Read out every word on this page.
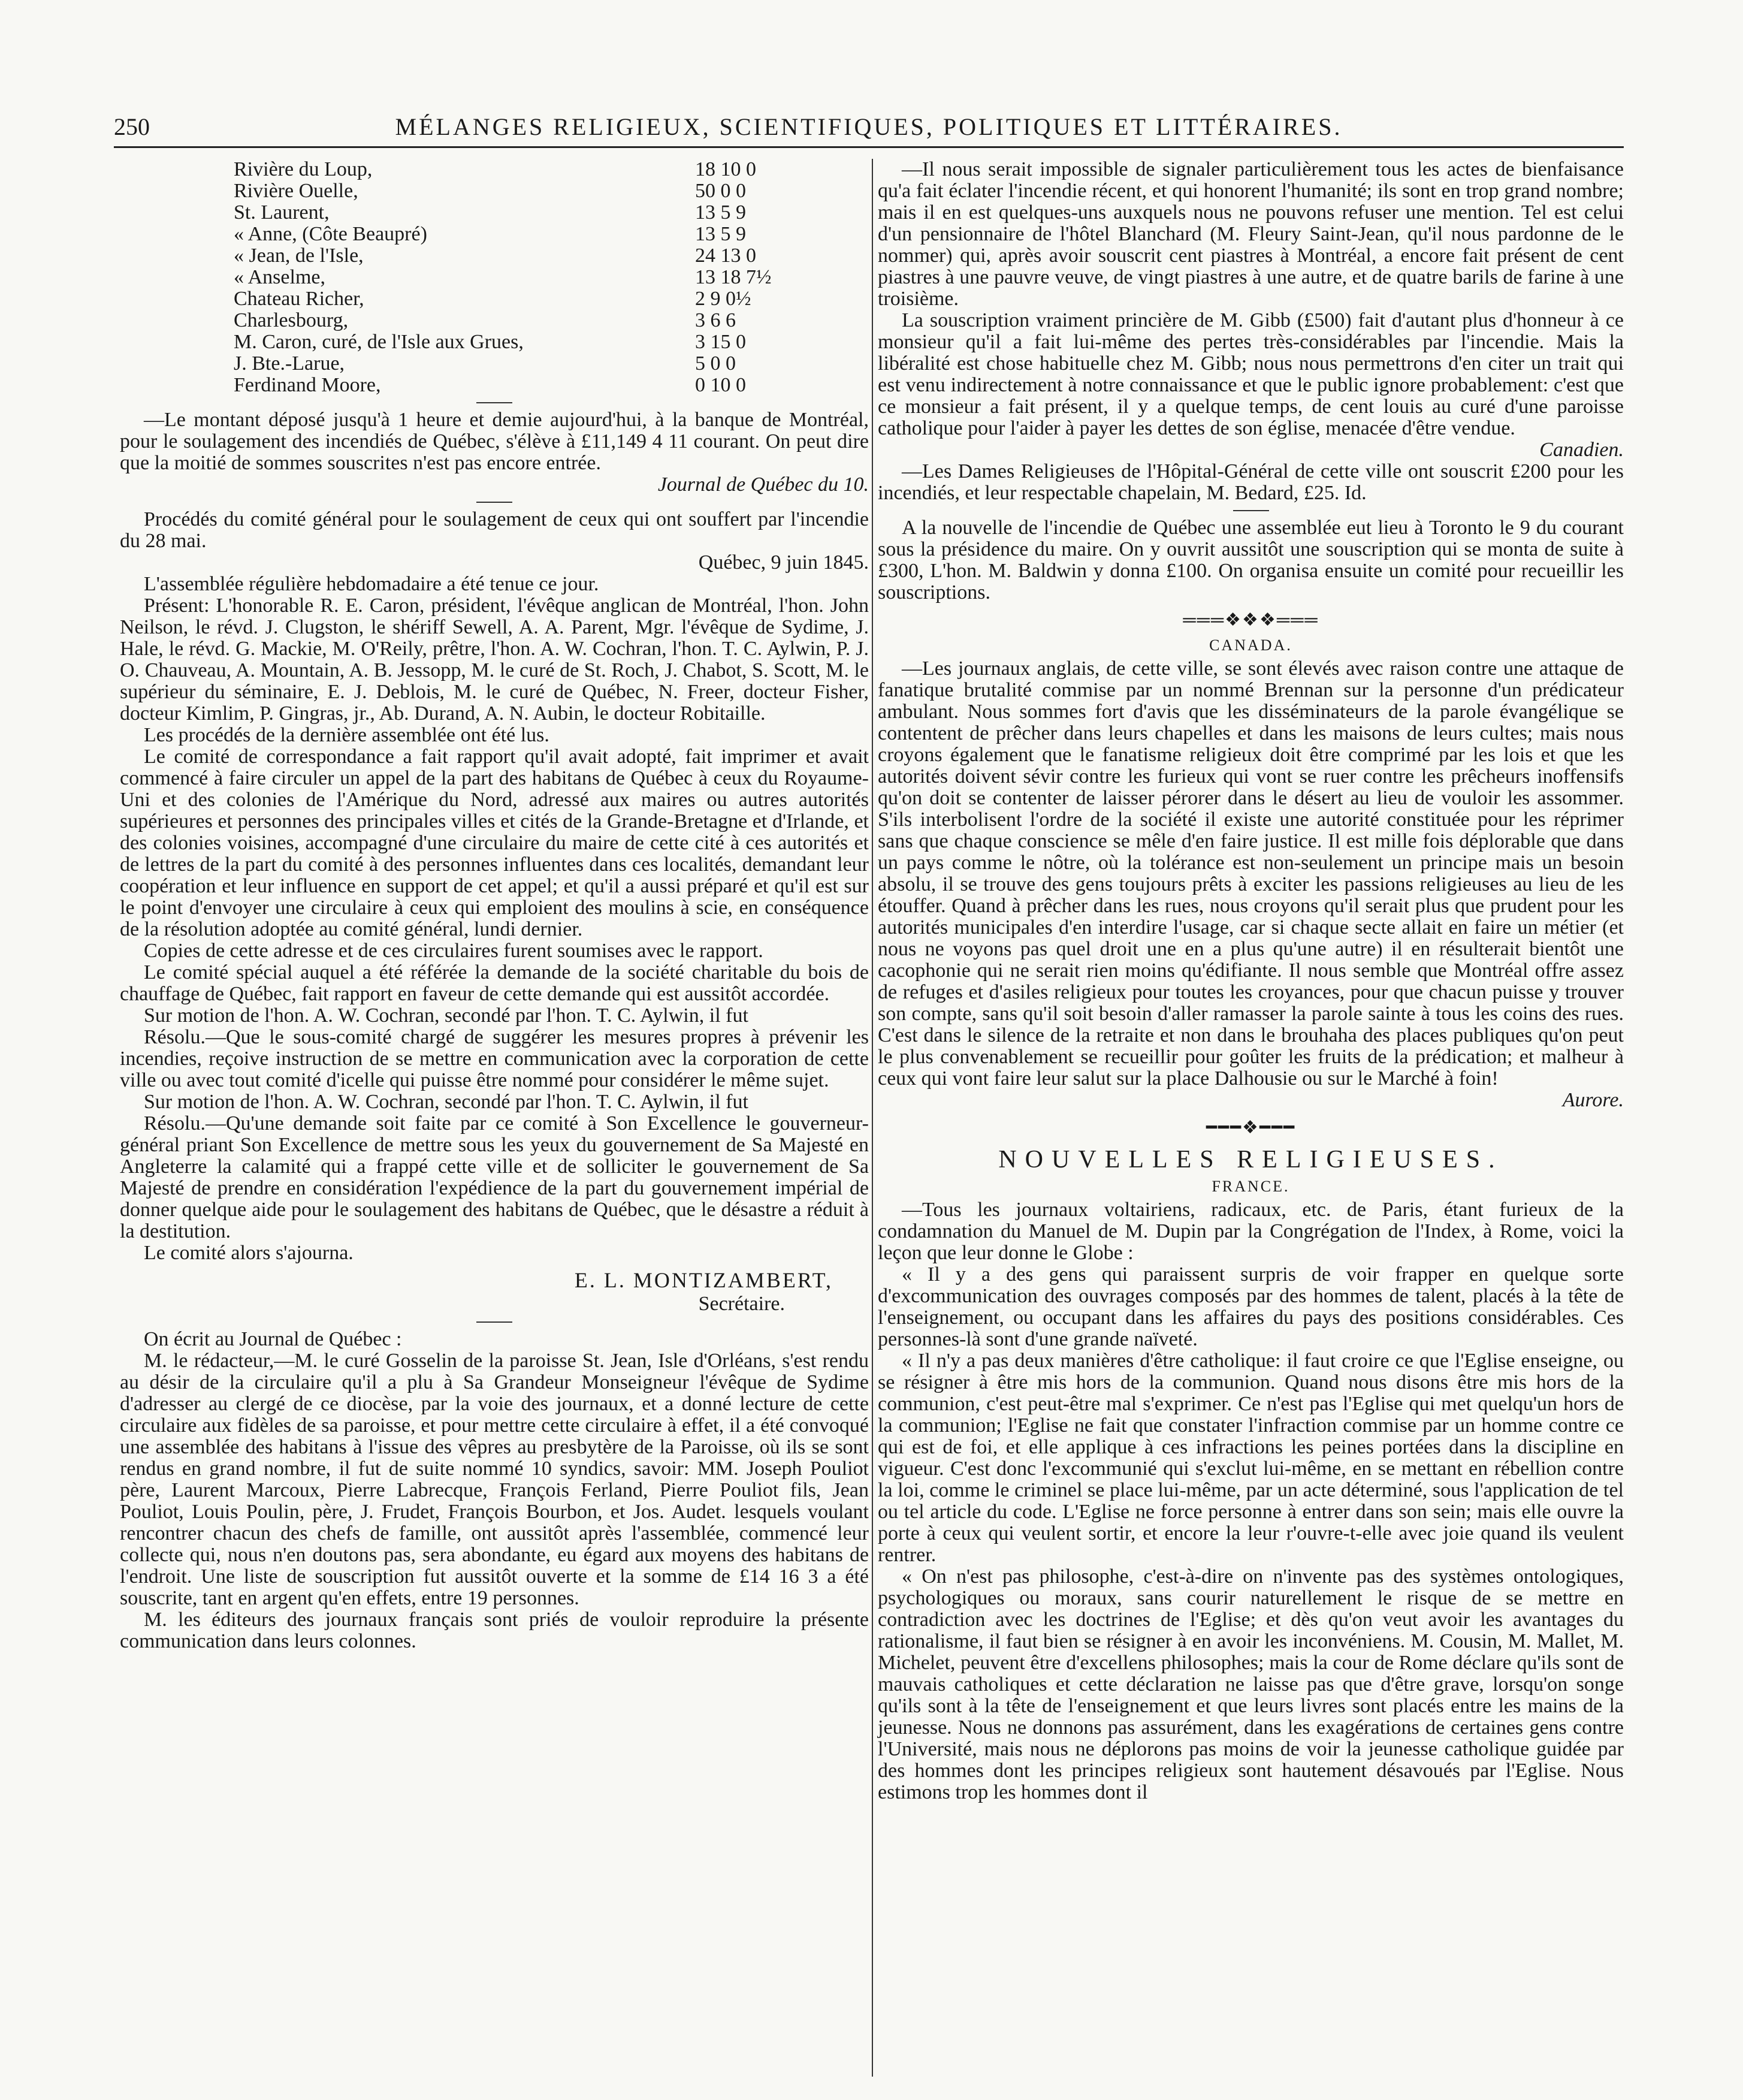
250	MÉLANGES RELIGIEUX, SCIENTIFIQUES, POLITIQUES ET LITTÉRAIRES.
Rivière du Loup,	18 10 0
Rivière Ouelle,	50 0 0
St. Laurent,	13 5 9
« Anne, (Côte Beaupré)	13 5 9
« Jean, de l'Isle,	24 13 0
« Anselme,	13 18 7½
Chateau Richer,	2 9 0½
Charlesbourg,	3 6 6
M. Caron, curé, de l'Isle aux Grues,	3 15 0
J. Bte.-Larue,	5 0 0
Ferdinand Moore,	0 10 0

—Le montant déposé jusqu'à 1 heure et demie aujourd'hui, à la banque de Montréal, pour le soulagement des incendiés de Québec, s'élève à £11,149 4 11 courant. On peut dire que la moitié de sommes souscrites n'est pas encore entrée.

Journal de Québec du 10.

Procédés du comité général pour le soulagement de ceux qui ont souffert par l'incendie du 28 mai.

Québec, 9 juin 1845.

L'assemblée régulière hebdomadaire a été tenue ce jour.

Présent: L'honorable R. E. Caron, président, l'évêque anglican de Montréal, l'hon. John Neilson, le révd. J. Clugston, le shériff Sewell, A. A. Parent, Mgr. l'évêque de Sydime, J. Hale, le révd. G. Mackie, M. O'Reily, prêtre, l'hon. A. W. Cochran, l'hon. T. C. Aylwin, P. J. O. Chauveau, A. Mountain, A. B. Jessopp, M. le curé de St. Roch, J. Chabot, S. Scott, M. le supérieur du séminaire, E. J. Deblois, M. le curé de Québec, N. Freer, docteur Fisher, docteur Kimlim, P. Gingras, jr., Ab. Durand, A. N. Aubin, le docteur Robitaille.

Les procédés de la dernière assemblée ont été lus.

Le comité de correspondance a fait rapport qu'il avait adopté, fait imprimer et avait commencé à faire circuler un appel de la part des habitans de Québec à ceux du Royaume-Uni et des colonies de l'Amérique du Nord, adressé aux maires ou autres autorités supérieures et personnes des principales villes et cités de la Grande-Bretagne et d'Irlande, et des colonies voisines, accompagné d'une circulaire du maire de cette cité à ces autorités et de lettres de la part du comité à des personnes influentes dans ces localités, demandant leur coopération et leur influence en support de cet appel; et qu'il a aussi préparé et qu'il est sur le point d'envoyer une circulaire à ceux qui emploient des moulins à scie, en conséquence de la résolution adoptée au comité général, lundi dernier.

Copies de cette adresse et de ces circulaires furent soumises avec le rapport.

Le comité spécial auquel a été référée la demande de la société charitable du bois de chauffage de Québec, fait rapport en faveur de cette demande qui est aussitôt accordée.

Sur motion de l'hon. A. W. Cochran, secondé par l'hon. T. C. Aylwin, il fut

Résolu.—Que le sous-comité chargé de suggérer les mesures propres à prévenir les incendies, reçoive instruction de se mettre en communication avec la corporation de cette ville ou avec tout comité d'icelle qui puisse être nommé pour considérer le même sujet.

Sur motion de l'hon. A. W. Cochran, secondé par l'hon. T. C. Aylwin, il fut

Résolu.—Qu'une demande soit faite par ce comité à Son Excellence le gouverneur-général priant Son Excellence de mettre sous les yeux du gouvernement de Sa Majesté en Angleterre la calamité qui a frappé cette ville et de solliciter le gouvernement de Sa Majesté de prendre en considération l'expédience de la part du gouvernement impérial de donner quelque aide pour le soulagement des habitans de Québec, que le désastre a réduit à la destitution.

Le comité alors s'ajourna.

E. L. MONTIZAMBERT,
Secrétaire.

On écrit au Journal de Québec :

M. le rédacteur,—M. le curé Gosselin de la paroisse St. Jean, Isle d'Orléans, s'est rendu au désir de la circulaire qu'il a plu à Sa Grandeur Monseigneur l'évêque de Sydime d'adresser au clergé de ce diocèse, par la voie des journaux, et a donné lecture de cette circulaire aux fidèles de sa paroisse, et pour mettre cette circulaire à effet, il a été convoqué une assemblée des habitans à l'issue des vêpres au presbytère de la Paroisse, où ils se sont rendus en grand nombre, il fut de suite nommé 10 syndics, savoir: MM. Joseph Pouliot père, Laurent Marcoux, Pierre Labrecque, François Ferland, Pierre Pouliot fils, Jean Pouliot, Louis Poulin, père, J. Frudet, François Bourbon, et Jos. Audet. lesquels voulant rencontrer chacun des chefs de famille, ont aussitôt après l'assemblée, commencé leur collecte qui, nous n'en doutons pas, sera abondante, eu égard aux moyens des habitans de l'endroit. Une liste de souscription fut aussitôt ouverte et la somme de £14 16 3 a été souscrite, tant en argent qu'en effets, entre 19 personnes.

M. les éditeurs des journaux français sont priés de vouloir reproduire la présente communication dans leurs colonnes.

—Il nous serait impossible de signaler particulièrement tous les actes de bienfaisance qu'a fait éclater l'incendie récent, et qui honorent l'humanité; ils sont en trop grand nombre; mais il en est quelques-uns auxquels nous ne pouvons refuser une mention. Tel est celui d'un pensionnaire de l'hôtel Blanchard (M. Fleury Saint-Jean, qu'il nous pardonne de le nommer) qui, après avoir souscrit cent piastres à Montréal, a encore fait présent de cent piastres à une pauvre veuve, de vingt piastres à une autre, et de quatre barils de farine à une troisième.

La souscription vraiment princière de M. Gibb (£500) fait d'autant plus d'honneur à ce monsieur qu'il a fait lui-même des pertes très-considérables par l'incendie. Mais la libéralité est chose habituelle chez M. Gibb; nous nous permettrons d'en citer un trait qui est venu indirectement à notre connaissance et que le public ignore probablement: c'est que ce monsieur a fait présent, il y a quelque temps, de cent louis au curé d'une paroisse catholique pour l'aider à payer les dettes de son église, menacée d'être vendue.

Canadien.

—Les Dames Religieuses de l'Hôpital-Général de cette ville ont souscrit £200 pour les incendiés, et leur respectable chapelain, M. Bedard, £25. Id.

A la nouvelle de l'incendie de Québec une assemblée eut lieu à Toronto le 9 du courant sous la présidence du maire. On y ouvrit aussitôt une souscription qui se monta de suite à £300, L'hon. M. Baldwin y donna £100. On organisa ensuite un comité pour recueillir les souscriptions.

═══❖❖❖═══
CANADA.

—Les journaux anglais, de cette ville, se sont élevés avec raison contre une attaque de fanatique brutalité commise par un nommé Brennan sur la personne d'un prédicateur ambulant. Nous sommes fort d'avis que les disséminateurs de la parole évangélique se contentent de prêcher dans leurs chapelles et dans les maisons de leurs cultes; mais nous croyons également que le fanatisme religieux doit être comprimé par les lois et que les autorités doivent sévir contre les furieux qui vont se ruer contre les prêcheurs inoffensifs qu'on doit se contenter de laisser pérorer dans le désert au lieu de vouloir les assommer. S'ils interbolisent l'ordre de la société il existe une autorité constituée pour les réprimer sans que chaque conscience se mêle d'en faire justice. Il est mille fois déplorable que dans un pays comme le nôtre, où la tolérance est non-seulement un principe mais un besoin absolu, il se trouve des gens toujours prêts à exciter les passions religieuses au lieu de les étouffer. Quand à prêcher dans les rues, nous croyons qu'il serait plus que prudent pour les autorités municipales d'en interdire l'usage, car si chaque secte allait en faire un métier (et nous ne voyons pas quel droit une en a plus qu'une autre) il en résulterait bientôt une cacophonie qui ne serait rien moins qu'édifiante. Il nous semble que Montréal offre assez de refuges et d'asiles religieux pour toutes les croyances, pour que chacun puisse y trouver son compte, sans qu'il soit besoin d'aller ramasser la parole sainte à tous les coins des rues. C'est dans le silence de la retraite et non dans le brouhaha des places publiques qu'on peut le plus convenablement se recueillir pour goûter les fruits de la prédication; et malheur à ceux qui vont faire leur salut sur la place Dalhousie ou sur le Marché à foin!

Aurore.

━━━❖━━━
NOUVELLES RELIGIEUSES.
FRANCE.

—Tous les journaux voltairiens, radicaux, etc. de Paris, étant furieux de la condamnation du Manuel de M. Dupin par la Congrégation de l'Index, à Rome, voici la leçon que leur donne le Globe :

« Il y a des gens qui paraissent surpris de voir frapper en quelque sorte d'excommunication des ouvrages composés par des hommes de talent, placés à la tête de l'enseignement, ou occupant dans les affaires du pays des positions considérables. Ces personnes-là sont d'une grande naïveté.

« Il n'y a pas deux manières d'être catholique: il faut croire ce que l'Eglise enseigne, ou se résigner à être mis hors de la communion. Quand nous disons être mis hors de la communion, c'est peut-être mal s'exprimer. Ce n'est pas l'Eglise qui met quelqu'un hors de la communion; l'Eglise ne fait que constater l'infraction commise par un homme contre ce qui est de foi, et elle applique à ces infractions les peines portées dans la discipline en vigueur. C'est donc l'excommunié qui s'exclut lui-même, en se mettant en rébellion contre la loi, comme le criminel se place lui-même, par un acte déterminé, sous l'application de tel ou tel article du code. L'Eglise ne force personne à entrer dans son sein; mais elle ouvre la porte à ceux qui veulent sortir, et encore la leur r'ouvre-t-elle avec joie quand ils veulent rentrer.

« On n'est pas philosophe, c'est-à-dire on n'invente pas des systèmes ontologiques, psychologiques ou moraux, sans courir naturellement le risque de se mettre en contradiction avec les doctrines de l'Eglise; et dès qu'on veut avoir les avantages du rationalisme, il faut bien se résigner à en avoir les inconvéniens. M. Cousin, M. Mallet, M. Michelet, peuvent être d'excellens philosophes; mais la cour de Rome déclare qu'ils sont de mauvais catholiques et cette déclaration ne laisse pas que d'être grave, lorsqu'on songe qu'ils sont à la tête de l'enseignement et que leurs livres sont placés entre les mains de la jeunesse. Nous ne donnons pas assurément, dans les exagérations de certaines gens contre l'Université, mais nous ne déplorons pas moins de voir la jeunesse catholique guidée par des hommes dont les principes religieux sont hautement désavoués par l'Eglise. Nous estimons trop les hommes dont il
